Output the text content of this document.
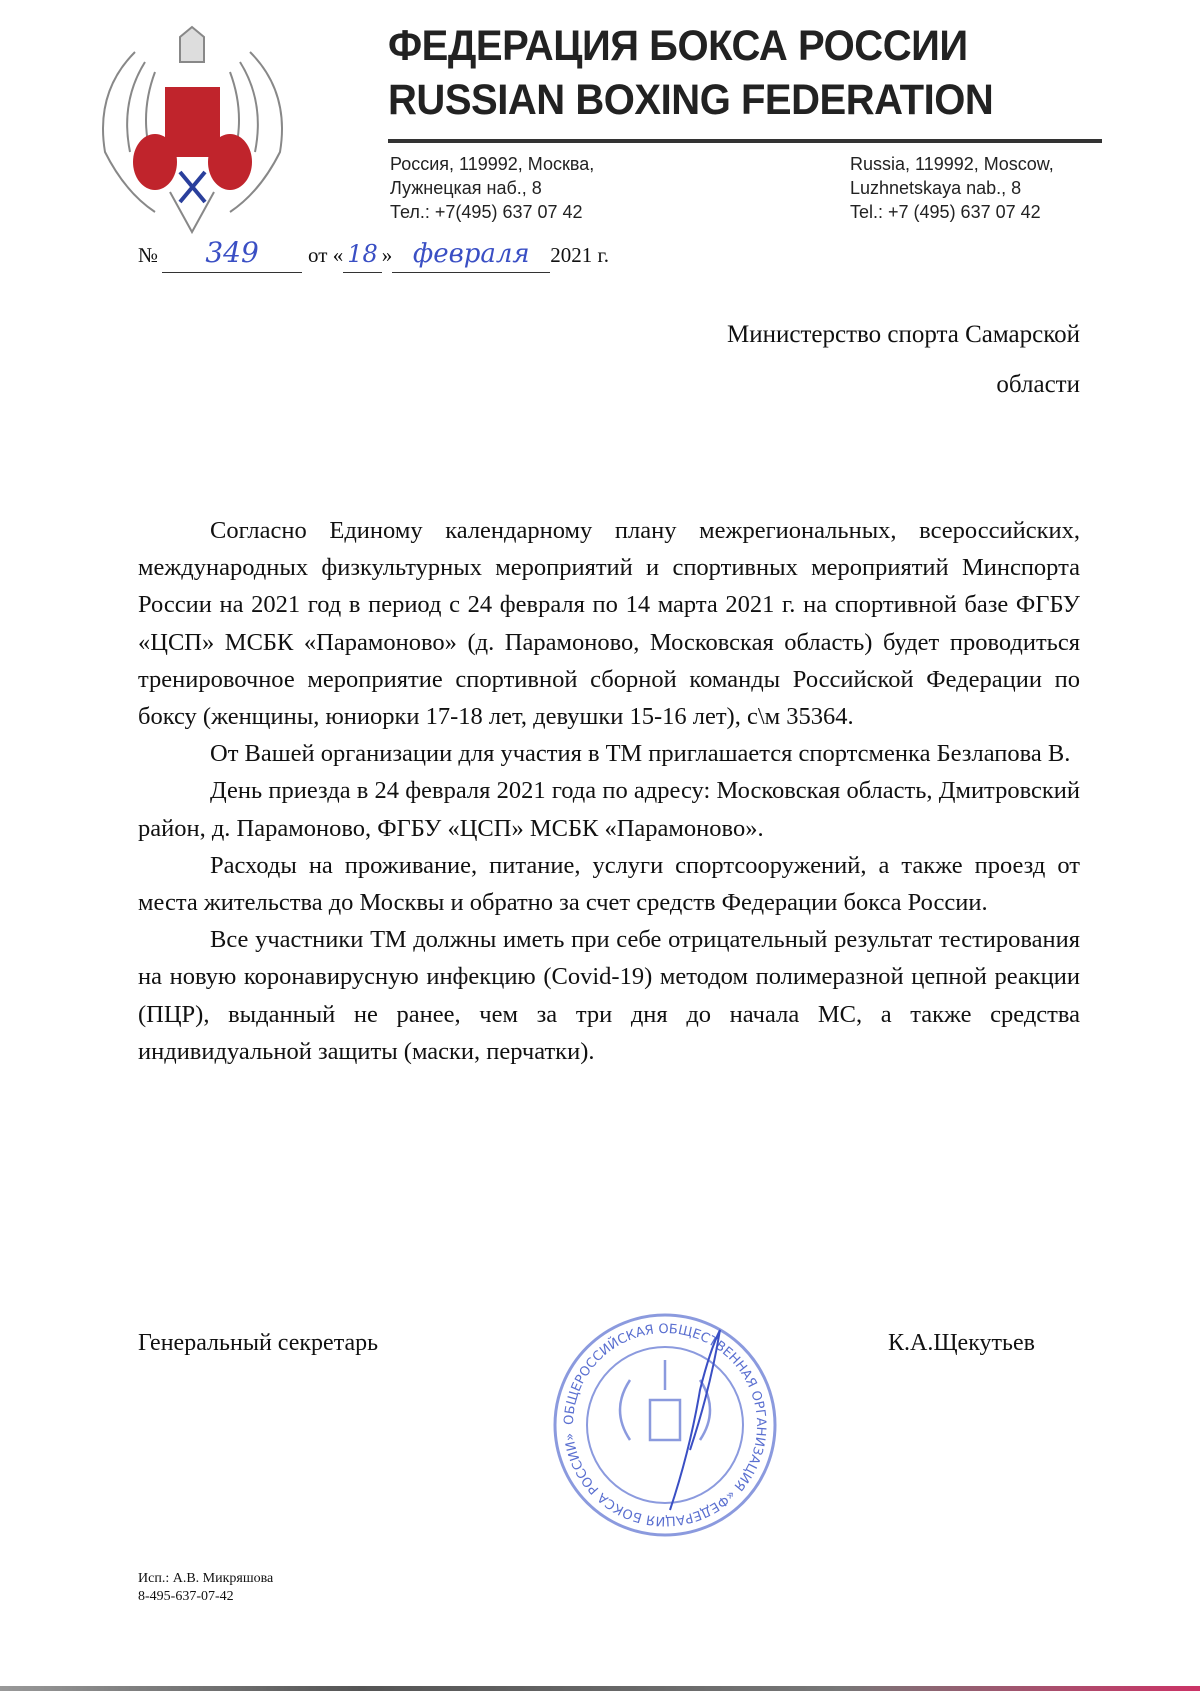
ФЕДЕРАЦИЯ БОКСА РОССИИ
RUSSIAN BOXING FEDERATION
Россия, 119992, Москва,
Лужнецкая наб., 8
Тел.: +7(495) 637 07 42
Russia, 119992, Moscow,
Luzhnetskaya nab., 8
Tel.: +7 (495) 637 07 42
№	349	от « 18 » февраля 2021 г.
Министерство спорта Самарской
области

Согласно Единому календарному плану межрегиональных, всероссийских, международных физкультурных мероприятий и спортивных мероприятий Минспорта России на 2021 год в период с 24 февраля по 14 марта 2021 г. на спортивной базе ФГБУ «ЦСП» МСБК «Парамоново» (д. Парамоново, Московская область) будет проводиться тренировочное мероприятие спортивной сборной команды Российской Федерации по боксу (женщины, юниорки 17-18 лет, девушки 15-16 лет), с\м 35364.

От Вашей организации для участия в ТМ приглашается спортсменка Безлапова В.

День приезда в 24 февраля 2021 года по адресу: Московская область, Дмитровский район, д. Парамоново, ФГБУ «ЦСП» МСБК «Парамоново».

Расходы на проживание, питание, услуги спортсооружений, а также проезд от места жительства до Москвы и обратно за счет средств Федерации бокса России.

Все участники ТМ должны иметь при себе отрицательный результат тестирования на новую коронавирусную инфекцию (Covid-19) методом полимеразной цепной реакции (ПЦР), выданный не ранее, чем за три дня до начала МС, а также средства индивидуальной защиты (маски, перчатки).

Генеральный секретарь	К.А.Щекутьев
ОБЩЕРОССИЙСКАЯ ОБЩЕСТВЕННАЯ ОРГАНИЗАЦИЯ «ФЕДЕРАЦИЯ БОКСА РОССИИ»
Исп.: А.В. Микряшова
8-495-637-07-42
